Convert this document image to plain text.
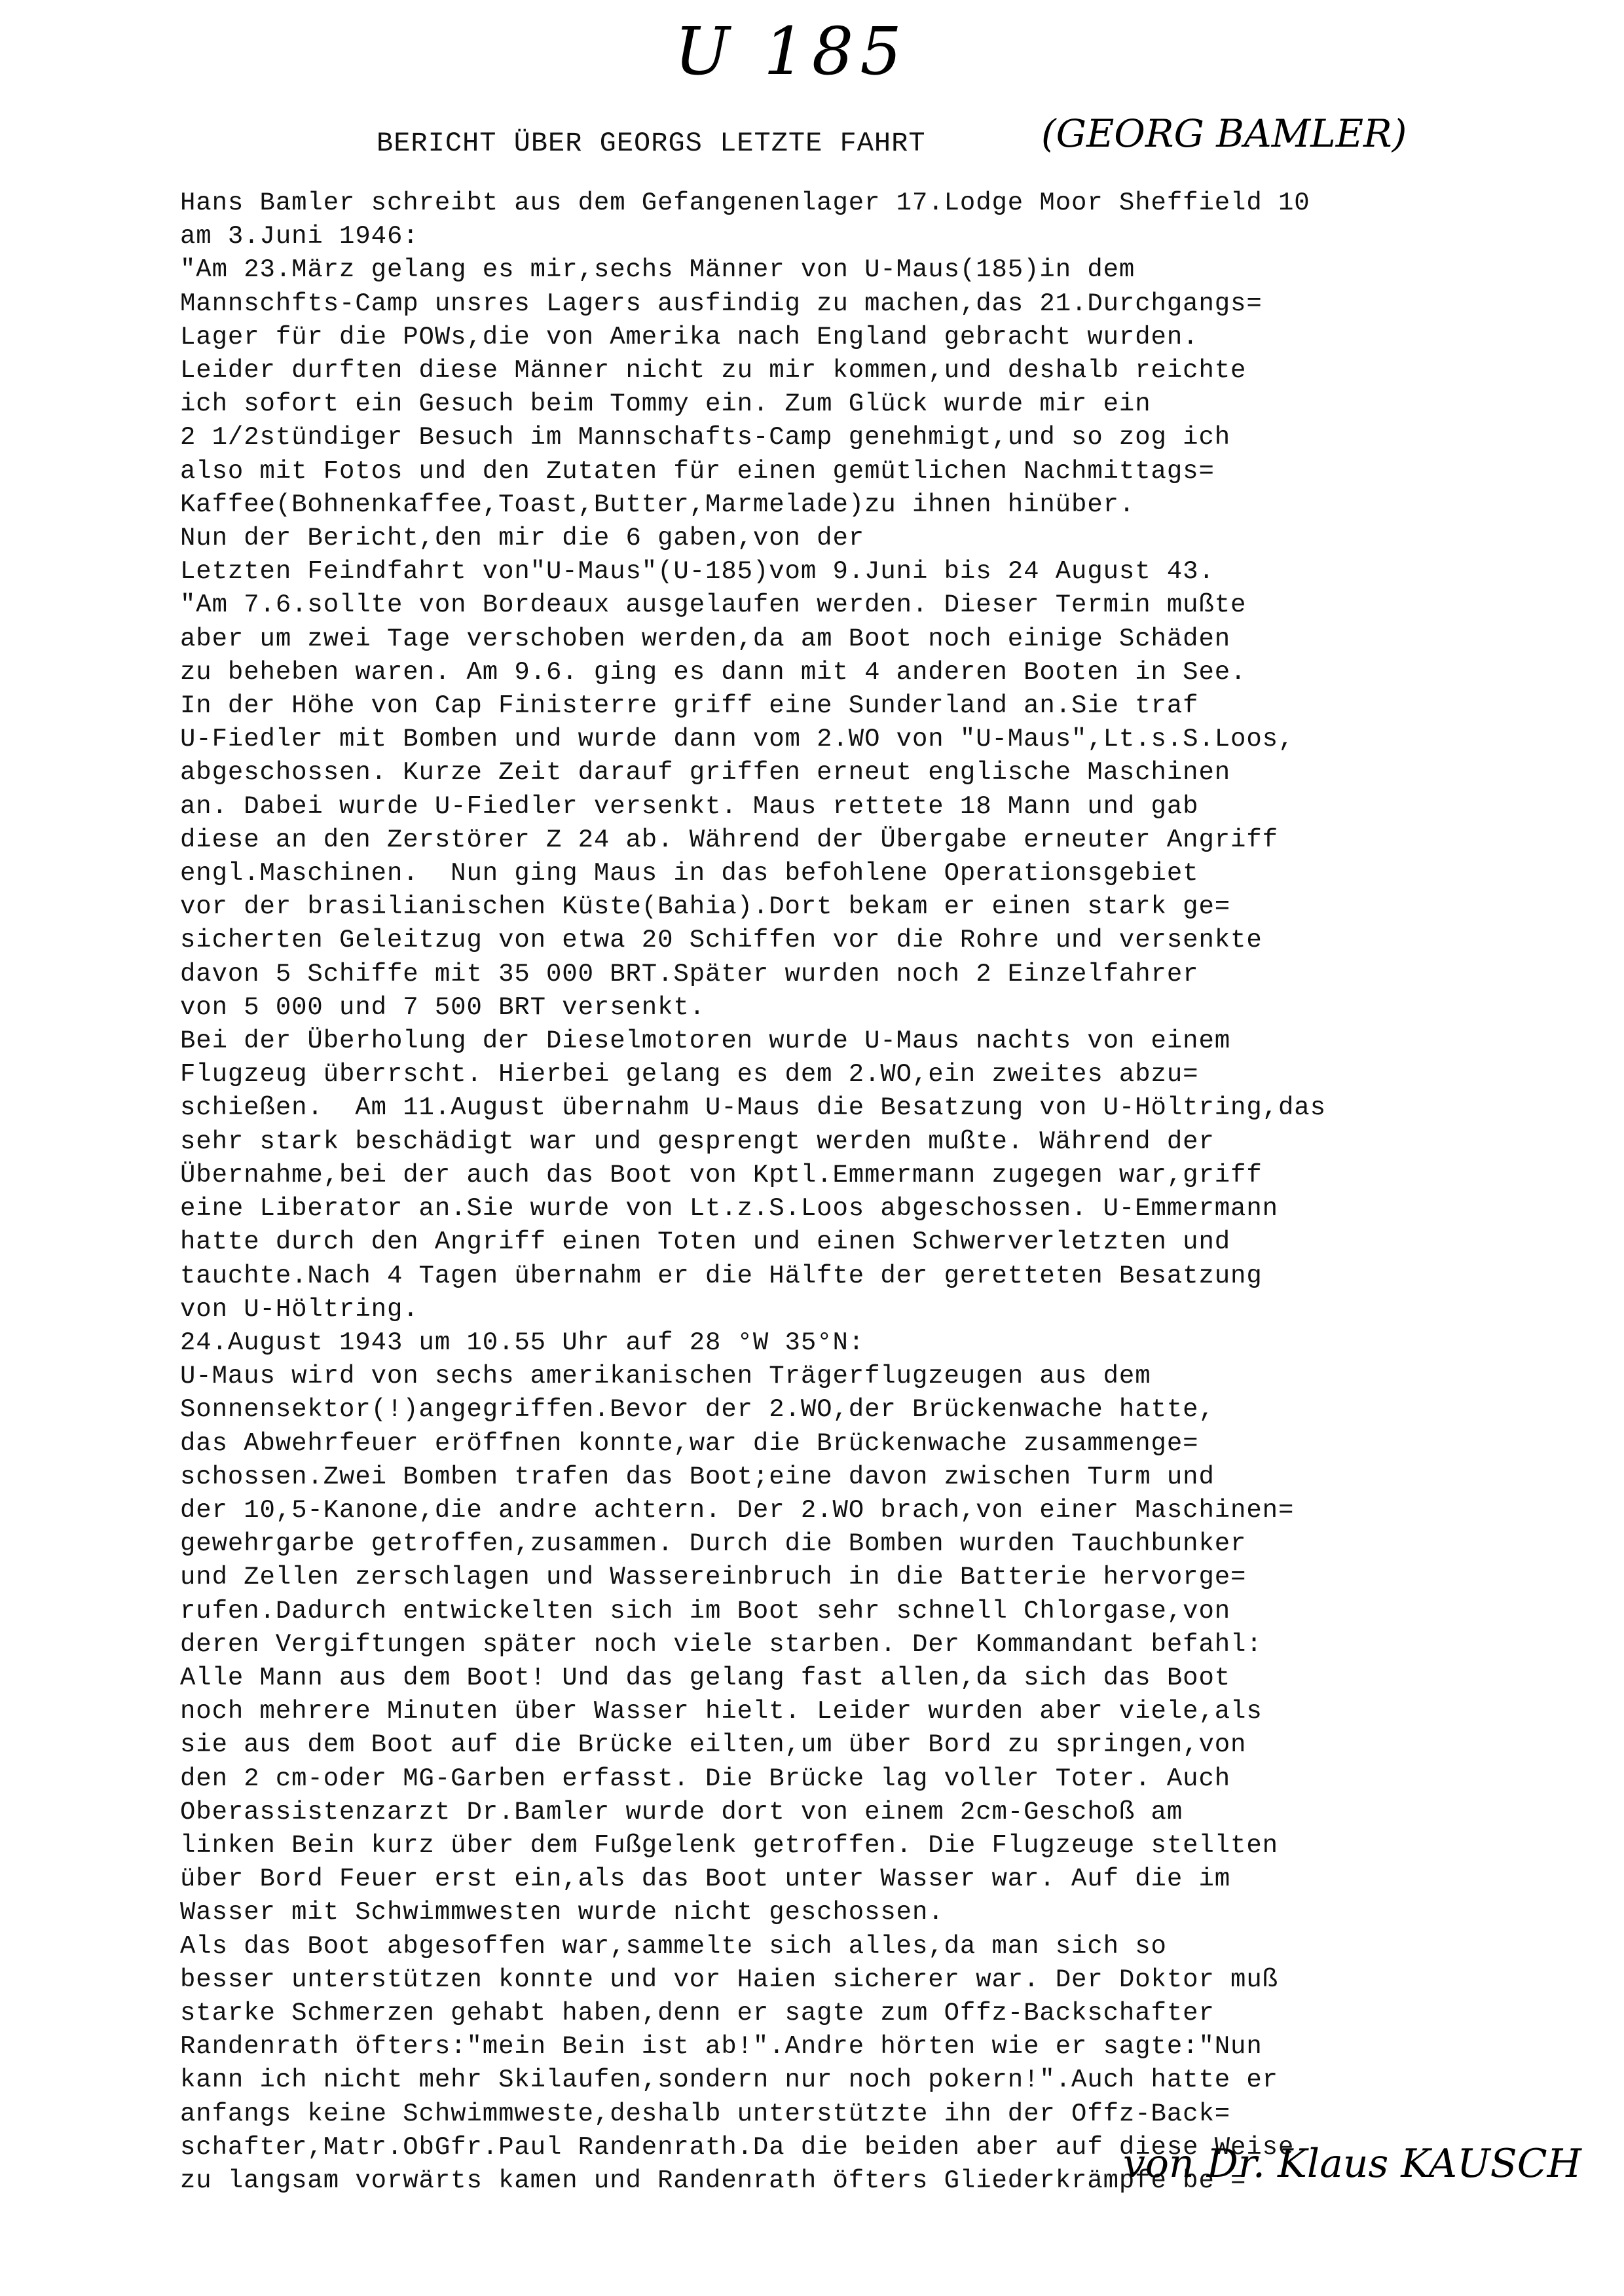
U 185
BERICHT ÜBER GEORGS LETZTE FAHRT	(GEORG BAMLER)
Hans Bamler schreibt aus dem Gefangenenlager 17.Lodge Moor Sheffield 10
am 3.Juni 1946:
"Am 23.März gelang es mir,sechs Männer von U-Maus(185)in dem
Mannschfts-Camp unsres Lagers ausfindig zu machen,das 21.Durchgangs=
Lager für die POWs,die von Amerika nach England gebracht wurden.
Leider durften diese Männer nicht zu mir kommen,und deshalb reichte
ich sofort ein Gesuch beim Tommy ein. Zum Glück wurde mir ein
2 1/2stündiger Besuch im Mannschafts-Camp genehmigt,und so zog ich
also mit Fotos und den Zutaten für einen gemütlichen Nachmittags=
Kaffee(Bohnenkaffee,Toast,Butter,Marmelade)zu ihnen hinüber.
Nun der Bericht,den mir die 6 gaben,von der
Letzten Feindfahrt von"U-Maus"(U-185)vom 9.Juni bis 24 August 43.
"Am 7.6.sollte von Bordeaux ausgelaufen werden. Dieser Termin mußte
aber um zwei Tage verschoben werden,da am Boot noch einige Schäden
zu beheben waren. Am 9.6. ging es dann mit 4 anderen Booten in See.
In der Höhe von Cap Finisterre griff eine Sunderland an.Sie traf
U-Fiedler mit Bomben und wurde dann vom 2.WO von "U-Maus",Lt.s.S.Loos,
abgeschossen. Kurze Zeit darauf griffen erneut englische Maschinen
an. Dabei wurde U-Fiedler versenkt. Maus rettete 18 Mann und gab
diese an den Zerstörer Z 24 ab. Während der Übergabe erneuter Angriff
engl.Maschinen.  Nun ging Maus in das befohlene Operationsgebiet
vor der brasilianischen Küste(Bahia).Dort bekam er einen stark ge=
sicherten Geleitzug von etwa 20 Schiffen vor die Rohre und versenkte
davon 5 Schiffe mit 35 000 BRT.Später wurden noch 2 Einzelfahrer
von 5 000 und 7 500 BRT versenkt.
Bei der Überholung der Dieselmotoren wurde U-Maus nachts von einem
Flugzeug überrscht. Hierbei gelang es dem 2.WO,ein zweites abzu=
schießen.  Am 11.August übernahm U-Maus die Besatzung von U-Höltring,das
sehr stark beschädigt war und gesprengt werden mußte. Während der
Übernahme,bei der auch das Boot von Kptl.Emmermann zugegen war,griff
eine Liberator an.Sie wurde von Lt.z.S.Loos abgeschossen. U-Emmermann
hatte durch den Angriff einen Toten und einen Schwerverletzten und
tauchte.Nach 4 Tagen übernahm er die Hälfte der geretteten Besatzung
von U-Höltring.
24.August 1943 um 10.55 Uhr auf 28 °W 35°N:
U-Maus wird von sechs amerikanischen Trägerflugzeugen aus dem
Sonnensektor(!)angegriffen.Bevor der 2.WO,der Brückenwache hatte,
das Abwehrfeuer eröffnen konnte,war die Brückenwache zusammenge=
schossen.Zwei Bomben trafen das Boot;eine davon zwischen Turm und
der 10,5-Kanone,die andre achtern. Der 2.WO brach,von einer Maschinen=
gewehrgarbe getroffen,zusammen. Durch die Bomben wurden Tauchbunker
und Zellen zerschlagen und Wassereinbruch in die Batterie hervorge=
rufen.Dadurch entwickelten sich im Boot sehr schnell Chlorgase,von
deren Vergiftungen später noch viele starben. Der Kommandant befahl:
Alle Mann aus dem Boot! Und das gelang fast allen,da sich das Boot
noch mehrere Minuten über Wasser hielt. Leider wurden aber viele,als
sie aus dem Boot auf die Brücke eilten,um über Bord zu springen,von
den 2 cm-oder MG-Garben erfasst. Die Brücke lag voller Toter. Auch
Oberassistenzarzt Dr.Bamler wurde dort von einem 2cm-Geschoß am
linken Bein kurz über dem Fußgelenk getroffen. Die Flugzeuge stellten
über Bord Feuer erst ein,als das Boot unter Wasser war. Auf die im
Wasser mit Schwimmwesten wurde nicht geschossen.
Als das Boot abgesoffen war,sammelte sich alles,da man sich so
besser unterstützen konnte und vor Haien sicherer war. Der Doktor muß
starke Schmerzen gehabt haben,denn er sagte zum Offz-Backschafter
Randenrath öfters:"mein Bein ist ab!".Andre hörten wie er sagte:"Nun
kann ich nicht mehr Skilaufen,sondern nur noch pokern!".Auch hatte er
anfangs keine Schwimmweste,deshalb unterstützte ihn der Offz-Back=
schafter,Matr.ObGfr.Paul Randenrath.Da die beiden aber auf diese Weise
zu langsam vorwärts kamen und Randenrath öfters Gliederkrämpfe be =
von Dr. Klaus KAUSCH
